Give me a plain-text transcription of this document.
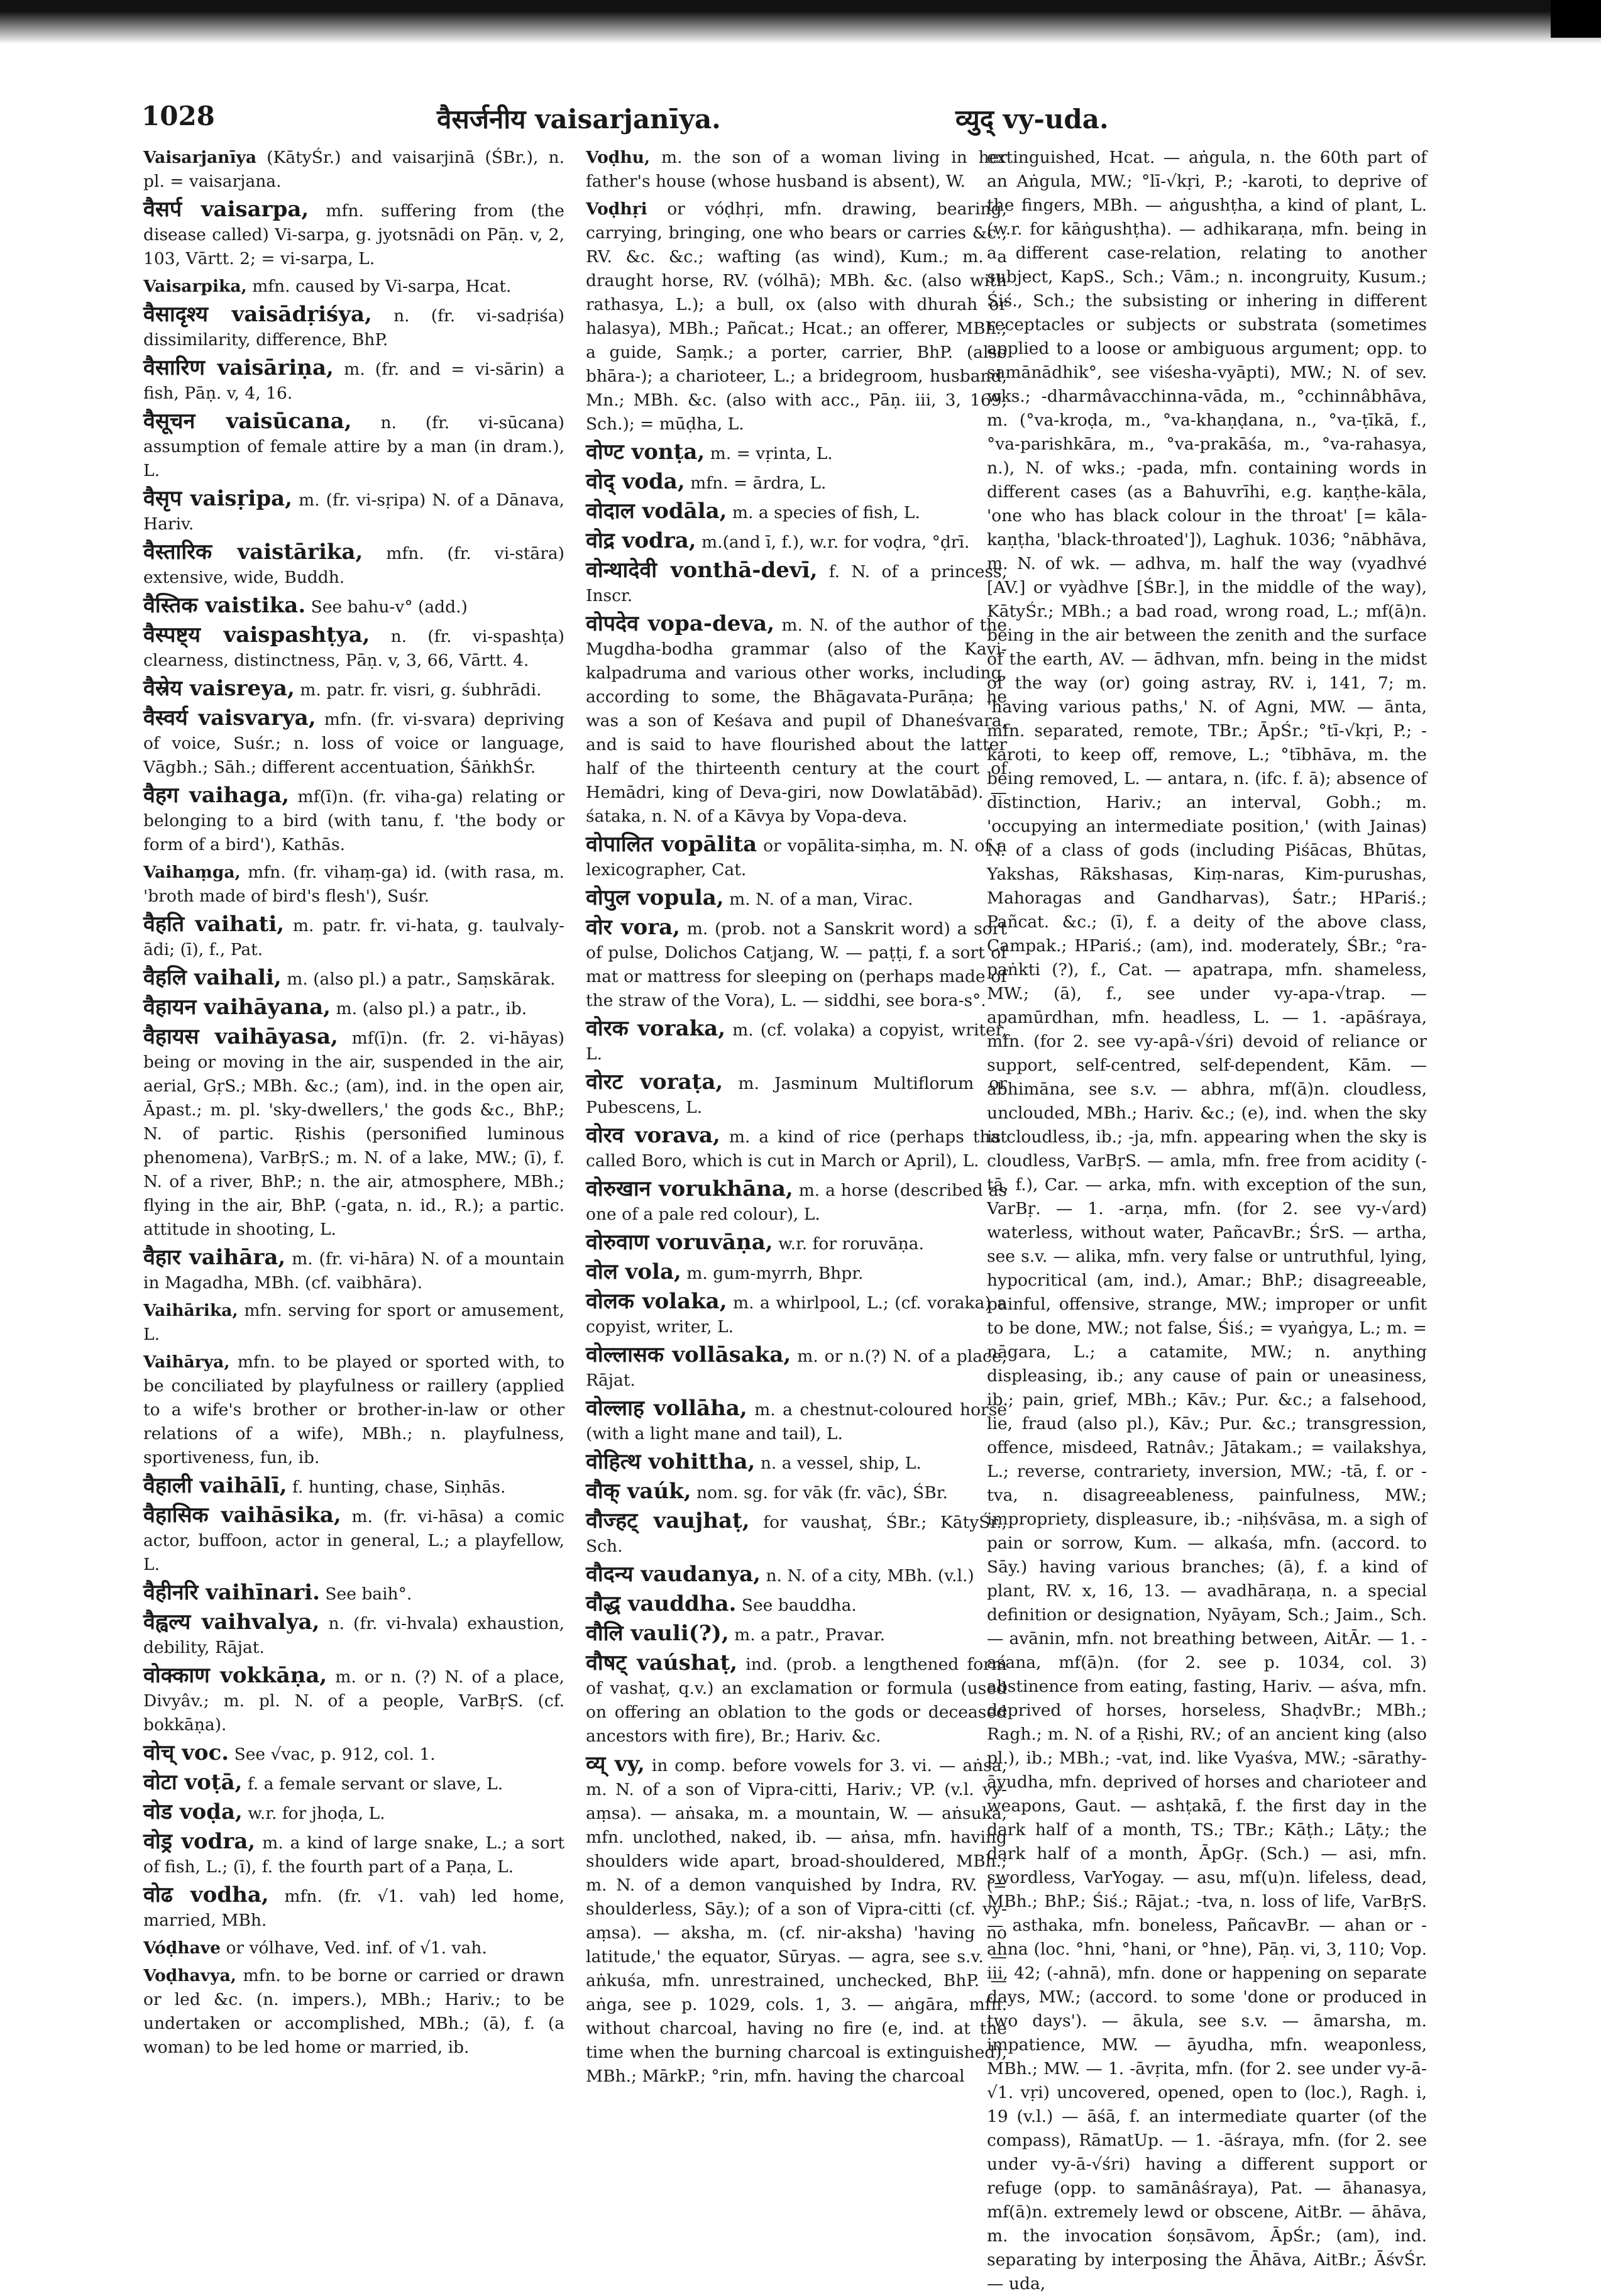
1028	वैसर्जनीय vaisarjanīya.	व्युद् vy-uda.

Vaisarjanīya (KātyŚr.) and vaisarjinā (ŚBr.), n. pl. = vaisarjana.

वैसर्प vaisarpa, mfn. suffering from (the disease called) Vi-sarpa, g. jyotsnādi on Pāṇ. v, 2, 103, Vārtt. 2; = vi-sarpa, L.

Vaisarpika, mfn. caused by Vi-sarpa, Hcat.

वैसादृश्य vaisādṛiśya, n. (fr. vi-sadṛiśa) dissimilarity, difference, BhP.

वैसारिण vaisāriṇa, m. (fr. and = vi-sārin) a fish, Pāṇ. v, 4, 16.

वैसूचन vaisūcana, n. (fr. vi-sūcana) assumption of female attire by a man (in dram.), L.

वैसृप vaisṛipa, m. (fr. vi-sṛipa) N. of a Dānava, Hariv.

वैस्तारिक vaistārika, mfn. (fr. vi-stāra) extensive, wide, Buddh.

वैस्तिक vaistika. See bahu-v° (add.)

वैस्पष्ट्य vaispashṭya, n. (fr. vi-spashṭa) clearness, distinctness, Pāṇ. v, 3, 66, Vārtt. 4.

वैस्रेय vaisreya, m. patr. fr. visri, g. śubhrādi.

वैस्वर्य vaisvarya, mfn. (fr. vi-svara) depriving of voice, Suśr.; n. loss of voice or language, Vāgbh.; Sāh.; different accentuation, ŚāṅkhŚr.

वैहग vaihaga, mf(ī)n. (fr. viha-ga) relating or belonging to a bird (with tanu, f. 'the body or form of a bird'), Kathās.

Vaihaṃga, mfn. (fr. vihaṃ-ga) id. (with rasa, m. 'broth made of bird's flesh'), Suśr.

वैहति vaihati, m. patr. fr. vi-hata, g. taulvaly-ādi; (ī), f., Pat.

वैहलि vaihali, m. (also pl.) a patr., Saṃskārak.

वैहायन vaihāyana, m. (also pl.) a patr., ib.

वैहायस vaihāyasa, mf(ī)n. (fr. 2. vi-hāyas) being or moving in the air, suspended in the air, aerial, GṛS.; MBh. &c.; (am), ind. in the open air, Āpast.; m. pl. 'sky-dwellers,' the gods &c., BhP.; N. of partic. Ṛishis (personified luminous phenomena), VarBṛS.; m. N. of a lake, MW.; (ī), f. N. of a river, BhP.; n. the air, atmosphere, MBh.; flying in the air, BhP. (-gata, n. id., R.); a partic. attitude in shooting, L.

वैहार vaihāra, m. (fr. vi-hāra) N. of a mountain in Magadha, MBh. (cf. vaibhāra).

Vaihārika, mfn. serving for sport or amusement, L.

Vaihārya, mfn. to be played or sported with, to be conciliated by playfulness or raillery (applied to a wife's brother or brother-in-law or other relations of a wife), MBh.; n. playfulness, sportiveness, fun, ib.

वैहाली vaihālī, f. hunting, chase, Siṇhās.

वैहासिक vaihāsika, m. (fr. vi-hāsa) a comic actor, buffoon, actor in general, L.; a playfellow, L.

वैहीनरि vaihīnari. See baih°.

वैह्वल्य vaihvalya, n. (fr. vi-hvala) exhaustion, debility, Rājat.

वोक्काण vokkāṇa, m. or n. (?) N. of a place, Divyâv.; m. pl. N. of a people, VarBṛS. (cf. bokkāṇa).

वोच् voc. See √vac, p. 912, col. 1.

वोटा voṭā, f. a female servant or slave, L.

वोड voḍa, w.r. for jhoḍa, L.

वोड्र vodra, m. a kind of large snake, L.; a sort of fish, L.; (ī), f. the fourth part of a Paṇa, L.

वोढ vodha, mfn. (fr. √1. vah) led home, married, MBh.

Vóḍhave or vólhave, Ved. inf. of √1. vah.

Voḍhavya, mfn. to be borne or carried or drawn or led &c. (n. impers.), MBh.; Hariv.; to be undertaken or accomplished, MBh.; (ā), f. (a woman) to be led home or married, ib.

Voḍhu, m. the son of a woman living in her father's house (whose husband is absent), W.

Voḍhṛi or vóḍhṛi, mfn. drawing, bearing, carrying, bringing, one who bears or carries &c., RV. &c. &c.; wafting (as wind), Kum.; m. a draught horse, RV. (vólhā); MBh. &c. (also with rathasya, L.); a bull, ox (also with dhurah or halasya), MBh.; Pañcat.; Hcat.; an offerer, MBh.; a guide, Saṃk.; a porter, carrier, BhP. (also bhāra-); a charioteer, L.; a bridegroom, husband, Mn.; MBh. &c. (also with acc., Pāṇ. iii, 3, 169, Sch.); = mūḍha, L.

वोण्ट vonṭa, m. = vṛinta, L.

वोद् voda, mfn. = ārdra, L.

वोदाल vodāla, m. a species of fish, L.

वोद्र vodra, m.(and ī, f.), w.r. for voḍra, °ḍrī.

वोन्थादेवी vonthā-devī, f. N. of a princess, Inscr.

वोपदेव vopa-deva, m. N. of the author of the Mugdha-bodha grammar (also of the Kavi-kalpadruma and various other works, including, according to some, the Bhāgavata-Purāṇa; he was a son of Keśava and pupil of Dhaneśvara, and is said to have flourished about the latter half of the thirteenth century at the court of Hemādri, king of Deva-giri, now Dowlatābād). — śataka, n. N. of a Kāvya by Vopa-deva.

वोपालित vopālita or vopālita-siṃha, m. N. of a lexicographer, Cat.

वोपुल vopula, m. N. of a man, Virac.

वोर vora, m. (prob. not a Sanskrit word) a sort of pulse, Dolichos Catjang, W. — paṭṭi, f. a sort of mat or mattress for sleeping on (perhaps made of the straw of the Vora), L. — siddhi, see bora-s°.

वोरक voraka, m. (cf. volaka) a copyist, writer, L.

वोरट voraṭa, m. Jasminum Multiflorum or Pubescens, L.

वोरव vorava, m. a kind of rice (perhaps that called Boro, which is cut in March or April), L.

वोरुखान vorukhāna, m. a horse (described as one of a pale red colour), L.

वोरुवाण voruvāṇa, w.r. for roruvāṇa.

वोल vola, m. gum-myrrh, Bhpr.

वोलक volaka, m. a whirlpool, L.; (cf. voraka) a copyist, writer, L.

वोल्लासक vollāsaka, m. or n.(?) N. of a place, Rājat.

वोल्लाह vollāha, m. a chestnut-coloured horse (with a light mane and tail), L.

वोहित्थ vohittha, n. a vessel, ship, L.

वौक् vaúk, nom. sg. for vāk (fr. vāc), ŚBr.

वौज्हट् vaujhaṭ, for vaushaṭ, ŚBr.; KātyŚr., Sch.

वौदन्य vaudanya, n. N. of a city, MBh. (v.l.)

वौद्ध vauddha. See bauddha.

वौलि vauli(?), m. a patr., Pravar.

वौषट् vaúshaṭ, ind. (prob. a lengthened form of vashaṭ, q.v.) an exclamation or formula (used on offering an oblation to the gods or deceased ancestors with fire), Br.; Hariv. &c.

व्य् vy, in comp. before vowels for 3. vi. — aṅsa, m. N. of a son of Vipra-citti, Hariv.; VP. (v.l. vy-aṃsa). — aṅsaka, m. a mountain, W. — aṅsuka, mfn. unclothed, naked, ib. — aṅsa, mfn. having shoulders wide apart, broad-shouldered, MBh.; m. N. of a demon vanquished by Indra, RV. (= shoulderless, Sāy.); of a son of Vipra-citti (cf. vy-aṃsa). — aksha, m. (cf. nir-aksha) 'having no latitude,' the equator, Sūryas. — agra, see s.v. — aṅkuśa, mfn. unrestrained, unchecked, BhP. — aṅga, see p. 1029, cols. 1, 3. — aṅgāra, mfn. without charcoal, having no fire (e, ind. at the time when the burning charcoal is extinguished), MBh.; MārkP.; °rin, mfn. having the charcoal

extinguished, Hcat. — aṅgula, n. the 60th part of an Aṅgula, MW.; °lī-√kṛi, P.; -karoti, to deprive of the fingers, MBh. — aṅgushṭha, a kind of plant, L. (w.r. for kāṅgushṭha). — adhikaraṇa, mfn. being in a different case-relation, relating to another subject, KapS., Sch.; Vām.; n. incongruity, Kusum.; Śiś., Sch.; the subsisting or inhering in different receptacles or subjects or substrata (sometimes applied to a loose or ambiguous argument; opp. to samānādhik°, see viśesha-vyāpti), MW.; N. of sev. wks.; -dharmâvacchinna-vāda, m., °cchinnâbhāva, m. (°va-kroḍa, m., °va-khaṇḍana, n., °va-ṭīkā, f., °va-parishkāra, m., °va-prakāśa, m., °va-rahasya, n.), N. of wks.; -pada, mfn. containing words in different cases (as a Bahuvrīhi, e.g. kaṇṭhe-kāla, 'one who has black colour in the throat' [= kāla-kaṇṭha, 'black-throated']), Laghuk. 1036; °nābhāva, m. N. of wk. — adhva, m. half the way (vyadhvé [AV.] or vyàdhve [ŚBr.], in the middle of the way), KātyŚr.; MBh.; a bad road, wrong road, L.; mf(ā)n. being in the air between the zenith and the surface of the earth, AV. — ādhvan, mfn. being in the midst of the way (or) going astray, RV. i, 141, 7; m. 'having various paths,' N. of Agni, MW. — ānta, mfn. separated, remote, TBr.; ĀpŚr.; °tī-√kṛi, P.; -karoti, to keep off, remove, L.; °tībhāva, m. the being removed, L. — antara, n. (ifc. f. ā); absence of distinction, Hariv.; an interval, Gobh.; m. 'occupying an intermediate position,' (with Jainas) N. of a class of gods (including Piśācas, Bhūtas, Yakshas, Rākshasas, Kiṃ-naras, Kim-purushas, Mahoragas and Gandharvas), Śatr.; HPariś.; Pañcat. &c.; (ī), f. a deity of the above class, Campak.; HPariś.; (am), ind. moderately, ŚBr.; °ra-paṅkti (?), f., Cat. — apatrapa, mfn. shameless, MW.; (ā), f., see under vy-apa-√trap. — apamūrdhan, mfn. headless, L. — 1. -apāśraya, mfn. (for 2. see vy-apâ-√śri) devoid of reliance or support, self-centred, self-dependent, Kām. — abhimāna, see s.v. — abhra, mf(ā)n. cloudless, unclouded, MBh.; Hariv. &c.; (e), ind. when the sky is cloudless, ib.; -ja, mfn. appearing when the sky is cloudless, VarBṛS. — amla, mfn. free from acidity (-tā, f.), Car. — arka, mfn. with exception of the sun, VarBṛ. — 1. -arṇa, mfn. (for 2. see vy-√ard) waterless, without water, PañcavBr.; ŚrS. — artha, see s.v. — alika, mfn. very false or untruthful, lying, hypocritical (am, ind.), Amar.; BhP.; disagreeable, painful, offensive, strange, MW.; improper or unfit to be done, MW.; not false, Śiś.; = vyaṅgya, L.; m. = nāgara, L.; a catamite, MW.; n. anything displeasing, ib.; any cause of pain or uneasiness, ib.; pain, grief, MBh.; Kāv.; Pur. &c.; a falsehood, lie, fraud (also pl.), Kāv.; Pur. &c.; transgression, offence, misdeed, Ratnâv.; Jātakam.; = vailakshya, L.; reverse, contrariety, inversion, MW.; -tā, f. or -tva, n. disagreeableness, painfulness, MW.; impropriety, displeasure, ib.; -niḥśvāsa, m. a sigh of pain or sorrow, Kum. — alkaśa, mfn. (accord. to Sāy.) having various branches; (ā), f. a kind of plant, RV. x, 16, 13. — avadhāraṇa, n. a special definition or designation, Nyāyam, Sch.; Jaim., Sch. — avānin, mfn. not breathing between, AitĀr. — 1. -aśana, mf(ā)n. (for 2. see p. 1034, col. 3) abstinence from eating, fasting, Hariv. — aśva, mfn. deprived of horses, horseless, ShaḍvBr.; MBh.; Ragh.; m. N. of a Ṛishi, RV.; of an ancient king (also pl.), ib.; MBh.; -vat, ind. like Vyaśva, MW.; -sārathy-āyudha, mfn. deprived of horses and charioteer and weapons, Gaut. — ashṭakā, f. the first day in the dark half of a month, TS.; TBr.; Kāṭh.; Lāṭy.; the dark half of a month, ĀpGṛ. (Sch.) — asi, mfn. swordless, VarYogay. — asu, mf(u)n. lifeless, dead, MBh.; BhP.; Śiś.; Rājat.; -tva, n. loss of life, VarBṛS. — asthaka, mfn. boneless, PañcavBr. — ahan or -ahna (loc. °hni, °hani, or °hne), Pāṇ. vi, 3, 110; Vop. iii, 42; (-ahnā), mfn. done or happening on separate days, MW.; (accord. to some 'done or produced in two days'). — ākula, see s.v. — āmarsha, m. impatience, MW. — āyudha, mfn. weaponless, MBh.; MW. — 1. -āvṛita, mfn. (for 2. see under vy-ā-√1. vṛi) uncovered, opened, open to (loc.), Ragh. i, 19 (v.l.) — āśā, f. an intermediate quarter (of the compass), RāmatUp. — 1. -āśraya, mfn. (for 2. see under vy-ā-√śri) having a different support or refuge (opp. to samānâśraya), Pat. — āhanasya, mf(ā)n. extremely lewd or obscene, AitBr. — āhāva, m. the invocation śoṇsāvom, ĀpŚr.; (am), ind. separating by interposing the Āhāva, AitBr.; ĀśvŚr. — uda,
